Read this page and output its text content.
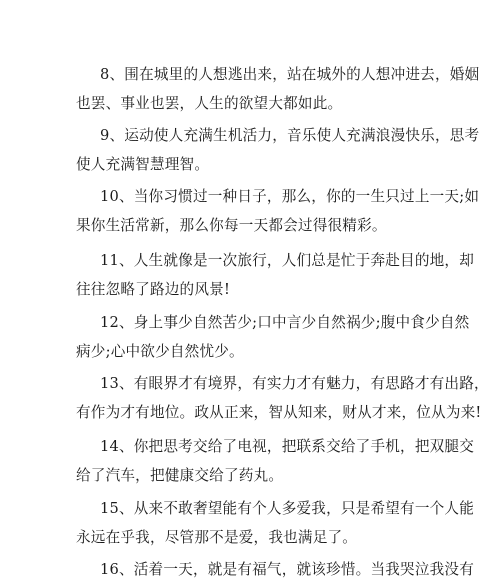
8、围在城里的人想逃出来，站在城外的人想冲进去，婚姻
也罢、事业也罢，人生的欲望大都如此。

9、运动使人充满生机活力，音乐使人充满浪漫快乐，思考
使人充满智慧理智。

10、当你习惯过一种日子，那么，你的一生只过上一天;如
果你生活常新，那么你每一天都会过得很精彩。

11、人生就像是一次旅行，人们总是忙于奔赴目的地，却
往往忽略了路边的风景!

12、身上事少自然苦少;口中言少自然祸少;腹中食少自然
病少;心中欲少自然忧少。

13、有眼界才有境界，有实力才有魅力，有思路才有出路，
有作为才有地位。政从正来，智从知来，财从才来，位从为来!

14、你把思考交给了电视，把联系交给了手机，把双腿交
给了汽车，把健康交给了药丸。

15、从来不敢奢望能有个人多爱我，只是希望有一个人能
永远在乎我，尽管那不是爱，我也满足了。

16、活着一天，就是有福气，就该珍惜。当我哭泣我没有
